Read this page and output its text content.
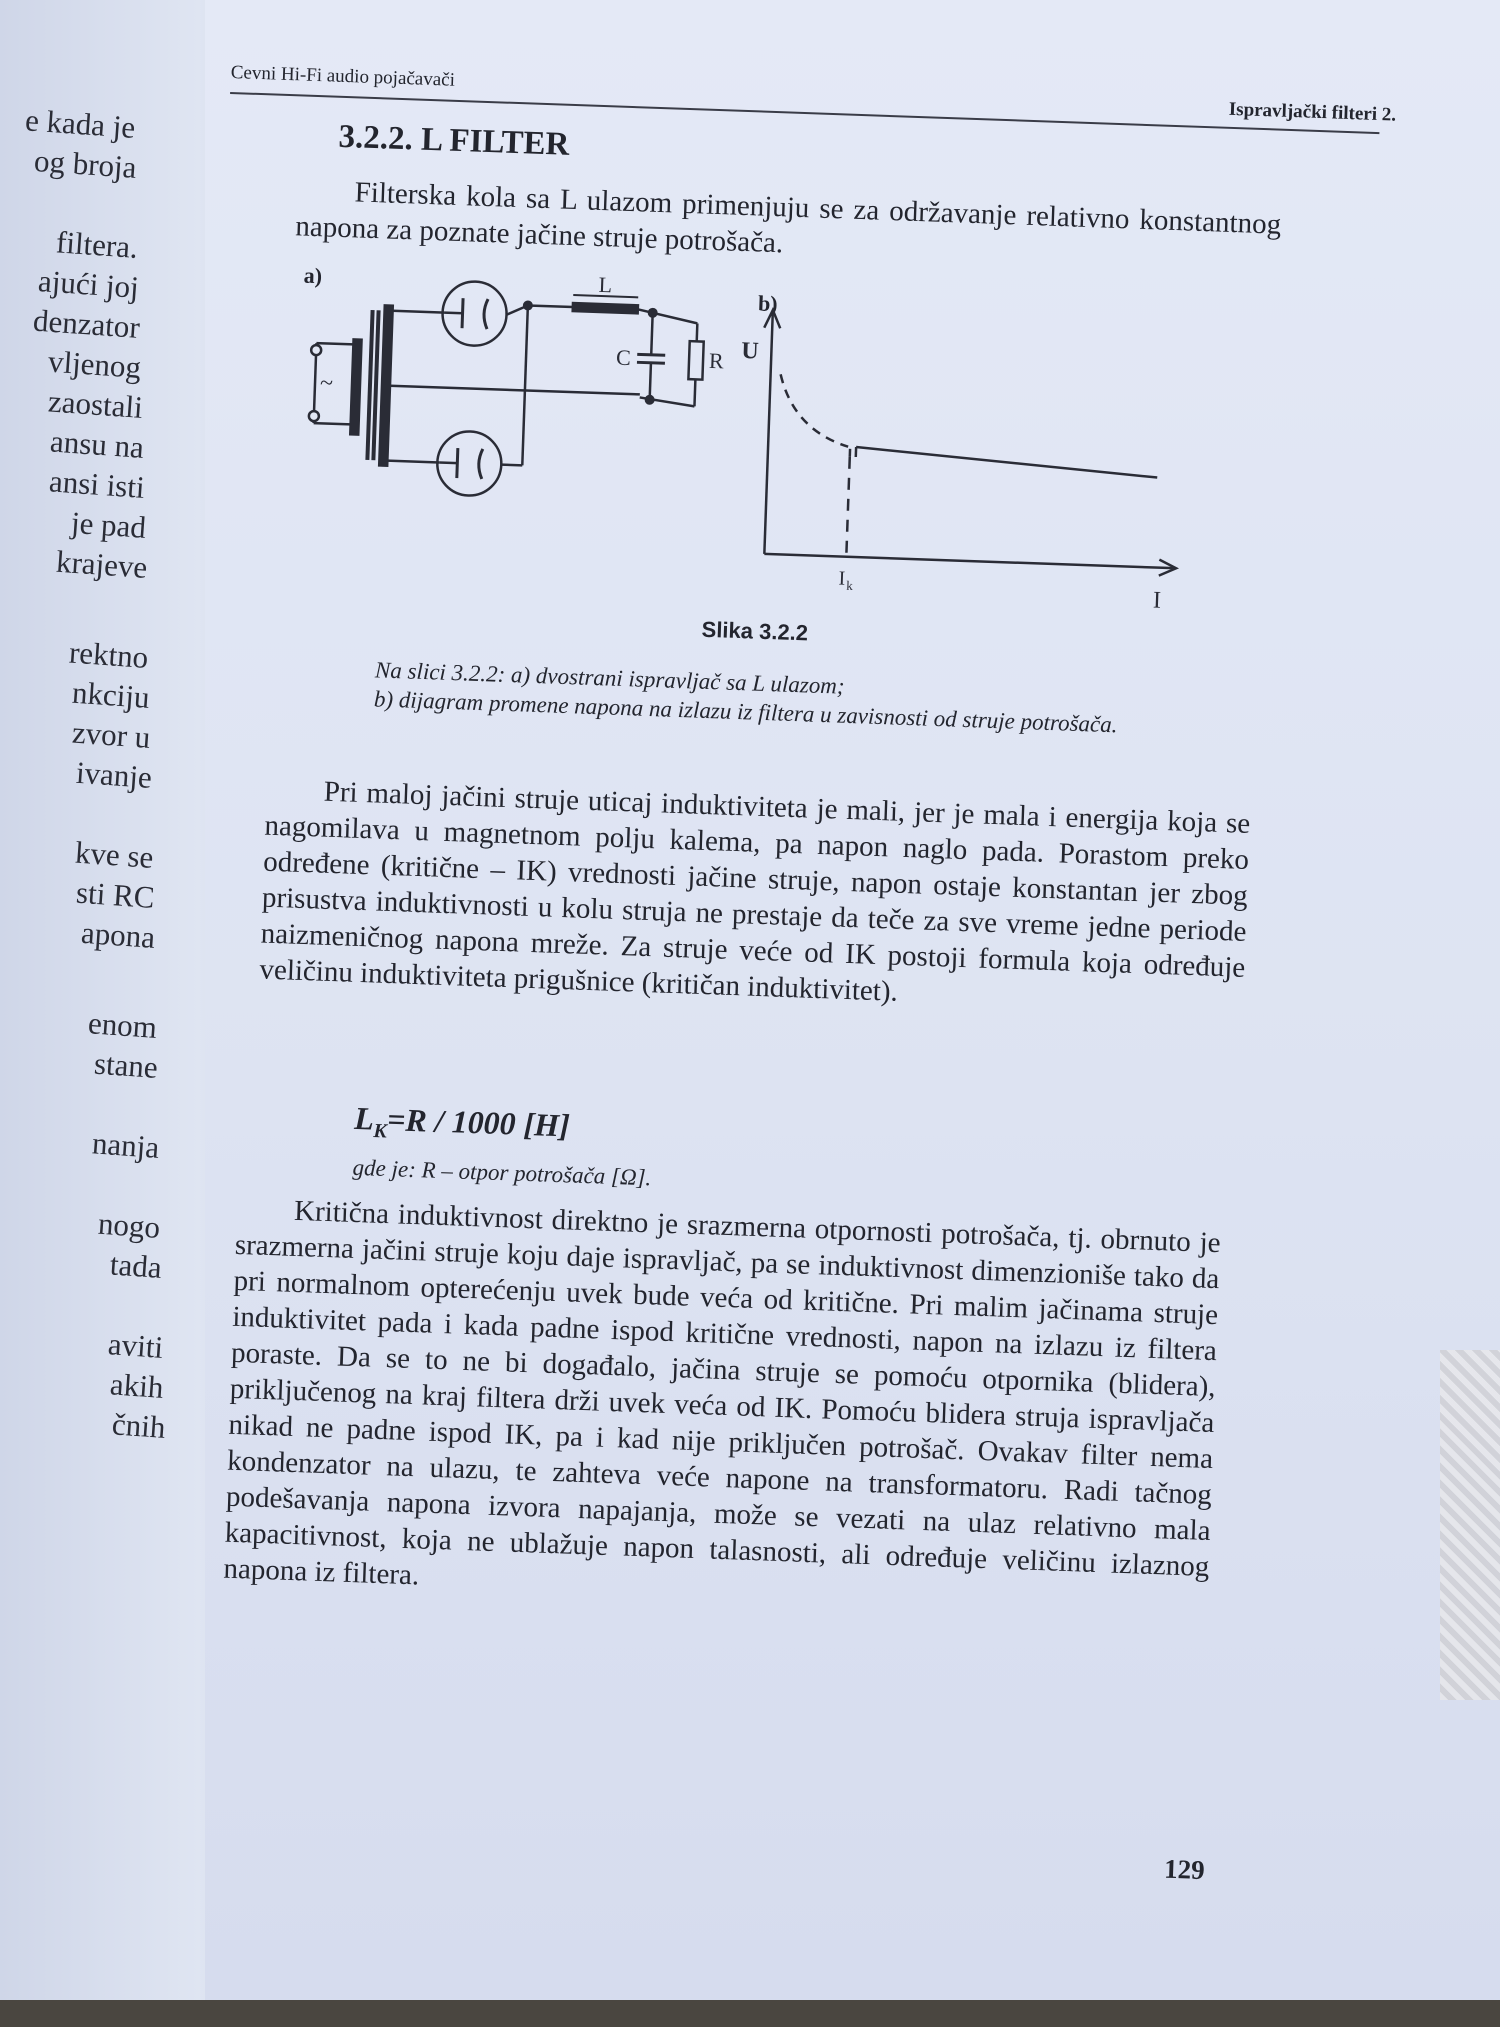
e kada je
og broja
filtera.
ajući joj
denzator
vljenog
zaostali
ansu na
ansi isti
je pad
krajeve
rektno
nkciju
zvor u
ivanje
kve se
sti RC
apona
enom
stane
nanja
nogo
tada
aviti
akih
čnih
Cevni Hi-Fi audio pojačavači
Ispravljački filteri 2.
3.2.2. L FILTER
Filterska kola sa L ulazom primenjuju se za održavanje relativno konstantnog napona za poznate jačine struje potrošača.
a)
b)
L
C	R
~
U
I
I k
Slika 3.2.2
Na slici 3.2.2: a) dvostrani ispravljač sa L ulazom;
b) dijagram promene napona na izlazu iz filtera u zavisnosti od struje potrošača.
Pri maloj jačini struje uticaj induktiviteta je mali, jer je mala i energija koja se nagomilava u magnetnom polju kalema, pa napon naglo pada. Porastom preko određene (kritične – IK) vrednosti jačine struje, napon ostaje konstantan jer zbog prisustva induktivnosti u kolu struja ne prestaje da teče za sve vreme jedne periode naizmeničnog napona mreže. Za struje veće od IK postoji formula koja određuje veličinu induktiviteta prigušnice (kritičan induktivitet).
$L_K=R / 1000$ [H]
gde je: R – otpor potrošača [Ω].
Kritična induktivnost direktno je srazmerna otpornosti potrošača, tj. obrnuto je srazmerna jačini struje koju daje ispravljač, pa se induktivnost dimenzioniše tako da pri normalnom opterećenju uvek bude veća od kritične. Pri malim jačinama struje induktivitet pada i kada padne ispod kritične vrednosti, napon na izlazu iz filtera poraste. Da se to ne bi događalo, jačina struje se pomoću otpornika (blidera), priključenog na kraj filtera drži uvek veća od IK. Pomoću blidera struja ispravljača nikad ne padne ispod IK, pa i kad nije priključen potrošač. Ovakav filter nema kondenzator na ulazu, te zahteva veće napone na transformatoru. Radi tačnog podešavanja napona izvora napajanja, može se vezati na ulaz relativno mala kapacitivnost, koja ne ublažuje napon talasnosti, ali određuje veličinu izlaznog napona iz filtera.
129
